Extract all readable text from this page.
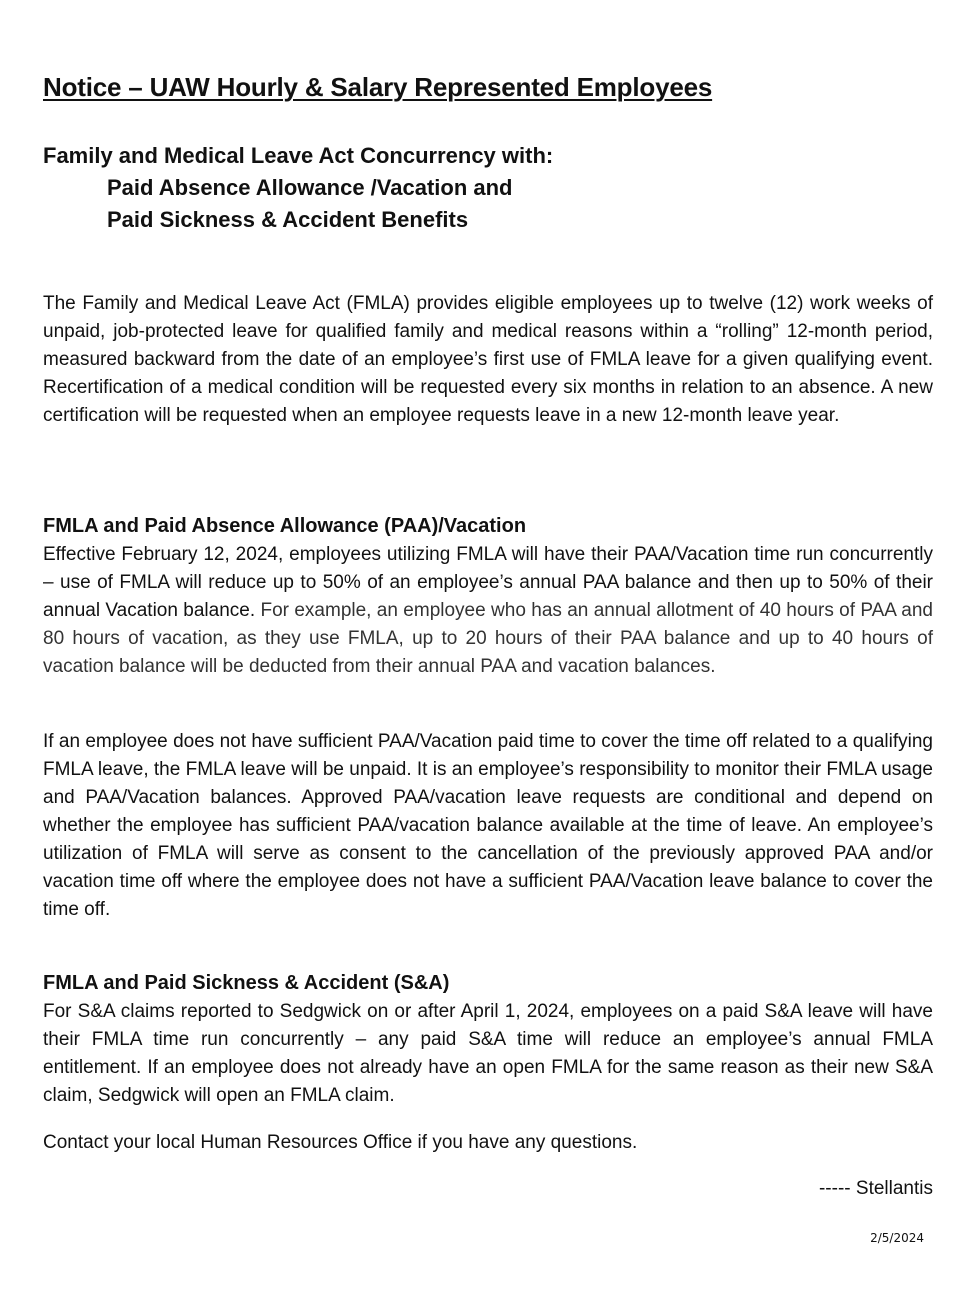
Notice – UAW Hourly & Salary Represented Employees
Family and Medical Leave Act Concurrency with:
Paid Absence Allowance /Vacation and
Paid Sickness & Accident Benefits

The Family and Medical Leave Act (FMLA) provides eligible employees up to twelve (12) work weeks of unpaid, job-protected leave for qualified family and medical reasons within a “rolling” 12-month period, measured backward from the date of an employee’s first use of FMLA leave for a given qualifying event. Recertification of a medical condition will be requested every six months in relation to an absence. A new certification will be requested when an employee requests leave in a new 12-month leave year.

FMLA and Paid Absence Allowance (PAA)/Vacation

Effective February 12, 2024, employees utilizing FMLA will have their PAA/Vacation time run concurrently – use of FMLA will reduce up to 50% of an employee’s annual PAA balance and then up to 50% of their annual Vacation balance. For example, an employee who has an annual allotment of 40 hours of PAA and 80 hours of vacation, as they use FMLA, up to 20 hours of their PAA balance and up to 40 hours of vacation balance will be deducted from their annual PAA and vacation balances.

If an employee does not have sufficient PAA/Vacation paid time to cover the time off related to a qualifying FMLA leave, the FMLA leave will be unpaid. It is an employee’s responsibility to monitor their FMLA usage and PAA/Vacation balances. Approved PAA/vacation leave requests are conditional and depend on whether the employee has sufficient PAA/vacation balance available at the time of leave. An employee’s utilization of FMLA will serve as consent to the cancellation of the previously approved PAA and/or vacation time off where the employee does not have a sufficient PAA/Vacation leave balance to cover the time off.

FMLA and Paid Sickness & Accident (S&A)

For S&A claims reported to Sedgwick on or after April 1, 2024, employees on a paid S&A leave will have their FMLA time run concurrently – any paid S&A time will reduce an employee’s annual FMLA entitlement. If an employee does not already have an open FMLA for the same reason as their new S&A claim, Sedgwick will open an FMLA claim.

Contact your local Human Resources Office if you have any questions.

----- Stellantis
2/5/2024
